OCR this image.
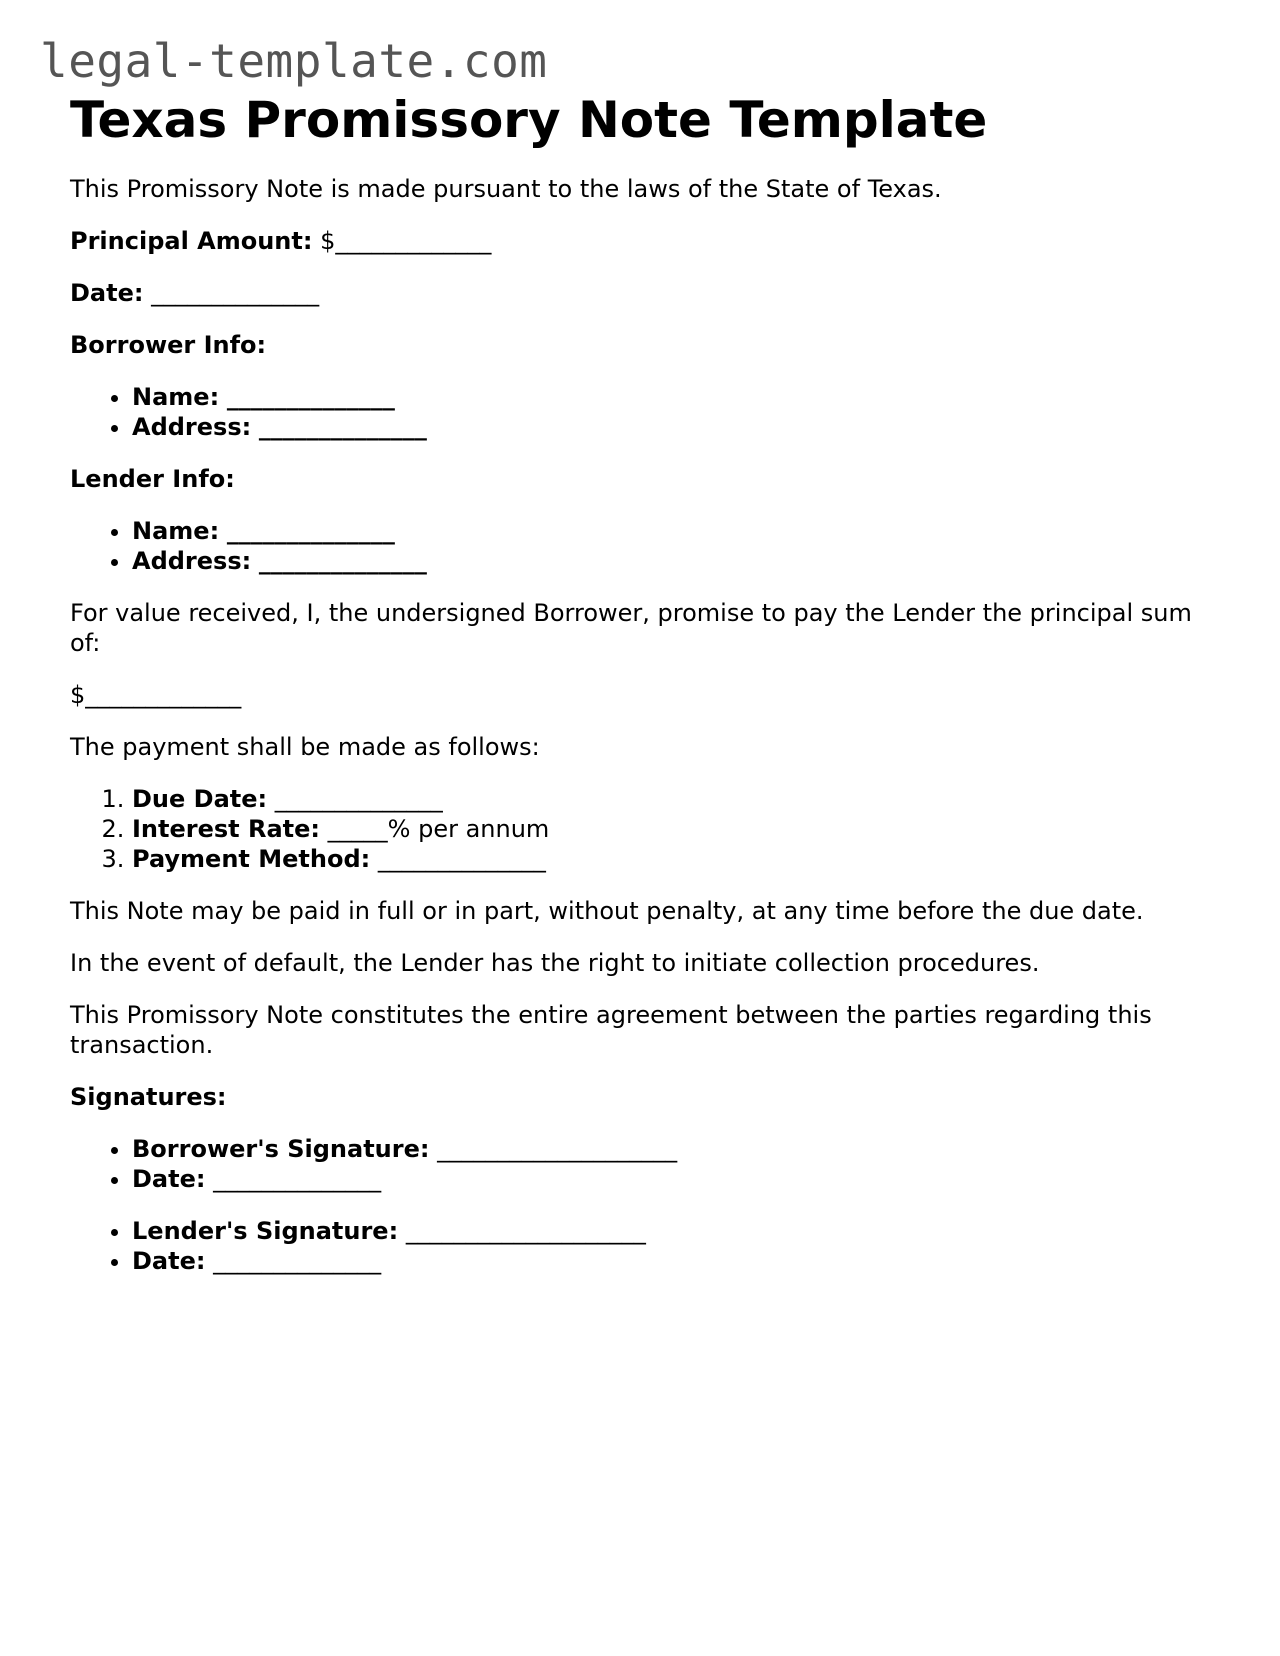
legal-template.com
Texas Promissory Note Template

This Promissory Note is made pursuant to the laws of the State of Texas.

Principal Amount: $_____________

Date: ______________

Borrower Info:

• Name: ______________
• Address: ______________

Lender Info:

• Name: ______________
• Address: ______________

For value received, I, the undersigned Borrower, promise to pay the Lender the principal sum of:

$_____________

The payment shall be made as follows:

1. Due Date: ______________
2. Interest Rate: _____% per annum
3. Payment Method: ______________

This Note may be paid in full or in part, without penalty, at any time before the due date.

In the event of default, the Lender has the right to initiate collection procedures.

This Promissory Note constitutes the entire agreement between the parties regarding this transaction.

Signatures:

• Borrower's Signature: ____________________
• Date: ______________
• Lender's Signature: ____________________
• Date: ______________
